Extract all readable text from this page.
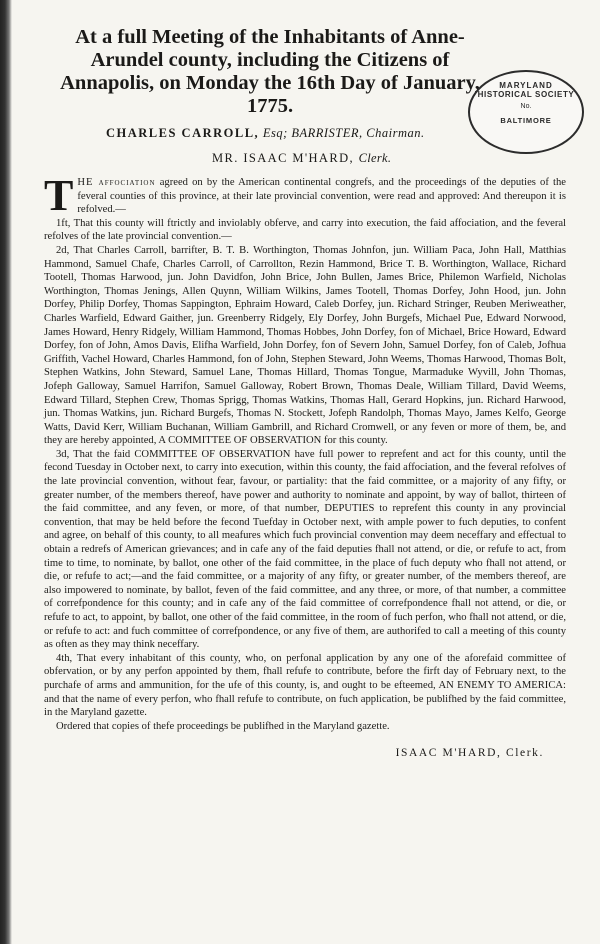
MARYLAND
HISTORICAL SOCIETY
No.
BALTIMORE
At a full Meeting of the Inhabitants of Anne-Arundel county, including the Citizens of Annapolis, on Monday the 16th Day of January, 1775.
CHARLES CARROLL, Esq; BARRISTER, Chairman.
MR. ISAAC M'HARD, Clerk.

THE affociation agreed on by the American continental congrefs, and the proceedings of the deputies of the feveral counties of this province, at their late provincial convention, were read and approved: And thereupon it is refolved.—

1ft, That this county will ftrictly and inviolably obferve, and carry into execution, the faid affociation, and the feveral refolves of the late provincial convention.—

2d, That Charles Carroll, barrifter, B. T. B. Worthington, Thomas Johnfon, jun. William Paca, John Hall, Matthias Hammond, Samuel Chafe, Charles Carroll, of Carrollton, Rezin Hammond, Brice T. B. Worthington, Wallace, Richard Tootell, Thomas Harwood, jun. John Davidfon, John Brice, John Bullen, James Brice, Philemon Warfield, Nicholas Worthington, Thomas Jenings, Allen Quynn, William Wilkins, James Tootell, Thomas Dorfey, John Hood, jun. John Dorfey, Philip Dorfey, Thomas Sappington, Ephraim Howard, Caleb Dorfey, jun. Richard Stringer, Reuben Meriweather, Charles Warfield, Edward Gaither, jun. Greenberry Ridgely, Ely Dorfey, John Burgefs, Michael Pue, Edward Norwood, James Howard, Henry Ridgely, William Hammond, Thomas Hobbes, John Dorfey, fon of Michael, Brice Howard, Edward Dorfey, fon of John, Amos Davis, Elifha Warfield, John Dorfey, fon of Severn John, Samuel Dorfey, fon of Caleb, Jofhua Griffith, Vachel Howard, Charles Hammond, fon of John, Stephen Steward, John Weems, Thomas Harwood, Thomas Bolt, Stephen Watkins, John Steward, Samuel Lane, Thomas Hillard, Thomas Tongue, Marmaduke Wyvill, John Thomas, Jofeph Galloway, Samuel Harrifon, Samuel Galloway, Robert Brown, Thomas Deale, William Tillard, David Weems, Edward Tillard, Stephen Crew, Thomas Sprigg, Thomas Watkins, Thomas Hall, Gerard Hopkins, jun. Richard Harwood, jun. Thomas Watkins, jun. Richard Burgefs, Thomas N. Stockett, Jofeph Randolph, Thomas Mayo, James Kelfo, George Watts, David Kerr, William Buchanan, William Gambrill, and Richard Cromwell, or any feven or more of them, be, and they are hereby appointed, A COMMITTEE OF OBSERVATION for this county.

3d, That the faid COMMITTEE OF OBSERVATION have full power to reprefent and act for this county, until the fecond Tuesday in October next, to carry into execution, within this county, the faid affociation, and the feveral refolves of the late provincial convention, without fear, favour, or partiality: that the faid committee, or a majority of any fifty, or greater number, of the members thereof, have power and authority to nominate and appoint, by way of ballot, thirteen of the faid committee, and any feven, or more, of that number, DEPUTIES to reprefent this county in any provincial convention, that may be held before the fecond Tuefday in October next, with ample power to fuch deputies, to confent and agree, on behalf of this county, to all meafures which fuch provincial convention may deem neceffary and effectual to obtain a redrefs of American grievances; and in cafe any of the faid deputies fhall not attend, or die, or refufe to act, from time to time, to nominate, by ballot, one other of the faid committee, in the place of fuch deputy who fhall not attend, or die, or refufe to act;—and the faid committee, or a majority of any fifty, or greater number, of the members thereof, are also impowered to nominate, by ballot, feven of the faid committee, and any three, or more, of that number, a committee of correfpondence for this county; and in cafe any of the faid committee of correfpondence fhall not attend, or die, or refufe to act, to appoint, by ballot, one other of the faid committee, in the room of fuch perfon, who fhall not attend, or die, or refufe to act: and fuch committee of correfpondence, or any five of them, are authorifed to call a meeting of this county as often as they may think neceffary.

4th, That every inhabitant of this county, who, on perfonal application by any one of the aforefaid committee of obfervation, or by any perfon appointed by them, fhall refufe to contribute, before the firft day of February next, to the purchafe of arms and ammunition, for the ufe of this county, is, and ought to be efteemed, AN ENEMY TO AMERICA: and that the name of every perfon, who fhall refufe to contribute, on fuch application, be publifhed by the faid committee, in the Maryland gazette.

Ordered that copies of thefe proceedings be publifhed in the Maryland gazette.

ISAAC M'HARD, Clerk.
